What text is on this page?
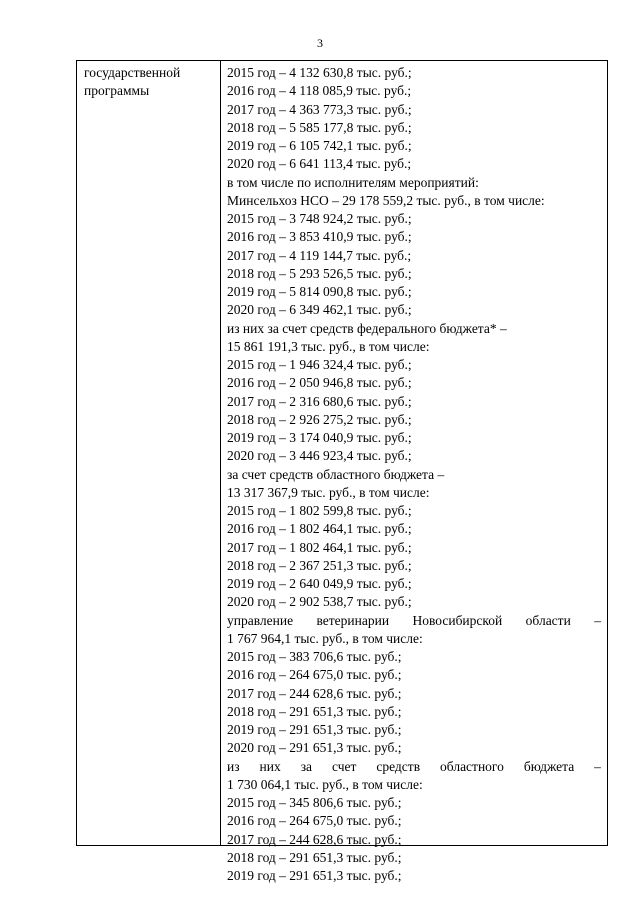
3
государственной
программы
2015 год – 4 132 630,8 тыс. руб.;
2016 год – 4 118 085,9 тыс. руб.;
2017 год – 4 363 773,3 тыс. руб.;
2018 год – 5 585 177,8 тыс. руб.;
2019 год – 6 105 742,1 тыс. руб.;
2020 год – 6 641 113,4 тыс. руб.;
в том числе по исполнителям мероприятий:
Минсельхоз НСО – 29 178 559,2 тыс. руб., в том числе:
2015 год – 3 748 924,2 тыс. руб.;
2016 год – 3 853 410,9 тыс. руб.;
2017 год – 4 119 144,7 тыс. руб.;
2018 год – 5 293 526,5 тыс. руб.;
2019 год – 5 814 090,8 тыс. руб.;
2020 год – 6 349 462,1 тыс. руб.;
из них за счет средств федерального бюджета* –
15 861 191,3 тыс. руб., в том числе:
2015 год – 1 946 324,4 тыс. руб.;
2016 год – 2 050 946,8 тыс. руб.;
2017 год – 2 316 680,6 тыс. руб.;
2018 год – 2 926 275,2 тыс. руб.;
2019 год – 3 174 040,9 тыс. руб.;
2020 год – 3 446 923,4 тыс. руб.;
за счет средств областного бюджета –
13 317 367,9 тыс. руб., в том числе:
2015 год – 1 802 599,8 тыс. руб.;
2016 год – 1 802 464,1 тыс. руб.;
2017 год – 1 802 464,1 тыс. руб.;
2018 год – 2 367 251,3 тыс. руб.;
2019 год – 2 640 049,9 тыс. руб.;
2020 год – 2 902 538,7 тыс. руб.;
управление ветеринарии Новосибирской области –
1 767 964,1 тыс. руб., в том числе:
2015 год – 383 706,6 тыс. руб.;
2016 год – 264 675,0 тыс. руб.;
2017 год – 244 628,6 тыс. руб.;
2018 год – 291 651,3 тыс. руб.;
2019 год – 291 651,3 тыс. руб.;
2020 год – 291 651,3 тыс. руб.;
из них за счет средств областного бюджета –
1 730 064,1 тыс. руб., в том числе:
2015 год – 345 806,6 тыс. руб.;
2016 год – 264 675,0 тыс. руб.;
2017 год – 244 628,6 тыс. руб.;
2018 год – 291 651,3 тыс. руб.;
2019 год – 291 651,3 тыс. руб.;
